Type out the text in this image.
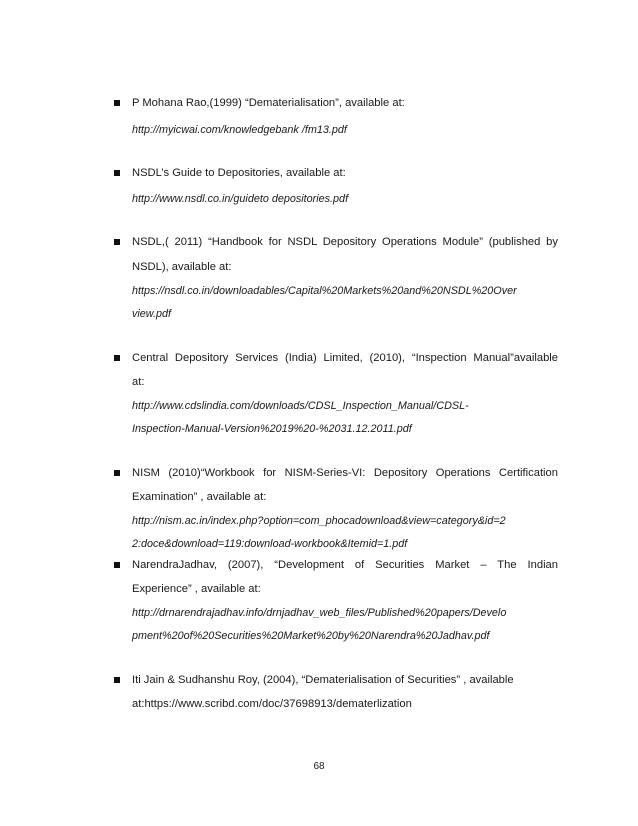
P Mohana Rao,(1999) “Dematerialisation”, available at:
http://myicwai.com/knowledgebank /fm13.pdf
NSDL’s Guide to Depositories, available at:
http://www.nsdl.co.in/guideto depositories.pdf
NSDL,( 2011) “Handbook for NSDL Depository Operations Module” (published by
NSDL), available at:
https://nsdl.co.in/downloadables/Capital%20Markets%20and%20NSDL%20Over
view.pdf
Central Depository Services (India) Limited, (2010), “Inspection Manual”available
at:
http://www.cdslindia.com/downloads/CDSL_Inspection_Manual/CDSL-
Inspection-Manual-Version%2019%20-%2031.12.2011.pdf
NISM (2010)“Workbook for NISM-Series-VI: Depository Operations Certification
Examination” , available at:
http://nism.ac.in/index.php?option=com_phocadownload&view=category&id=2
2:doce&download=119:download-workbook&Itemid=1.pdf
NarendraJadhav, (2007), “Development of Securities Market – The Indian
Experience” , available at:
http://drnarendrajadhav.info/drnjadhav_web_files/Published%20papers/Develo
pment%20of%20Securities%20Market%20by%20Narendra%20Jadhav.pdf
Iti Jain & Sudhanshu Roy, (2004), “Dematerialisation of Securities” , available
at:https://www.scribd.com/doc/37698913/dematerlization
68
